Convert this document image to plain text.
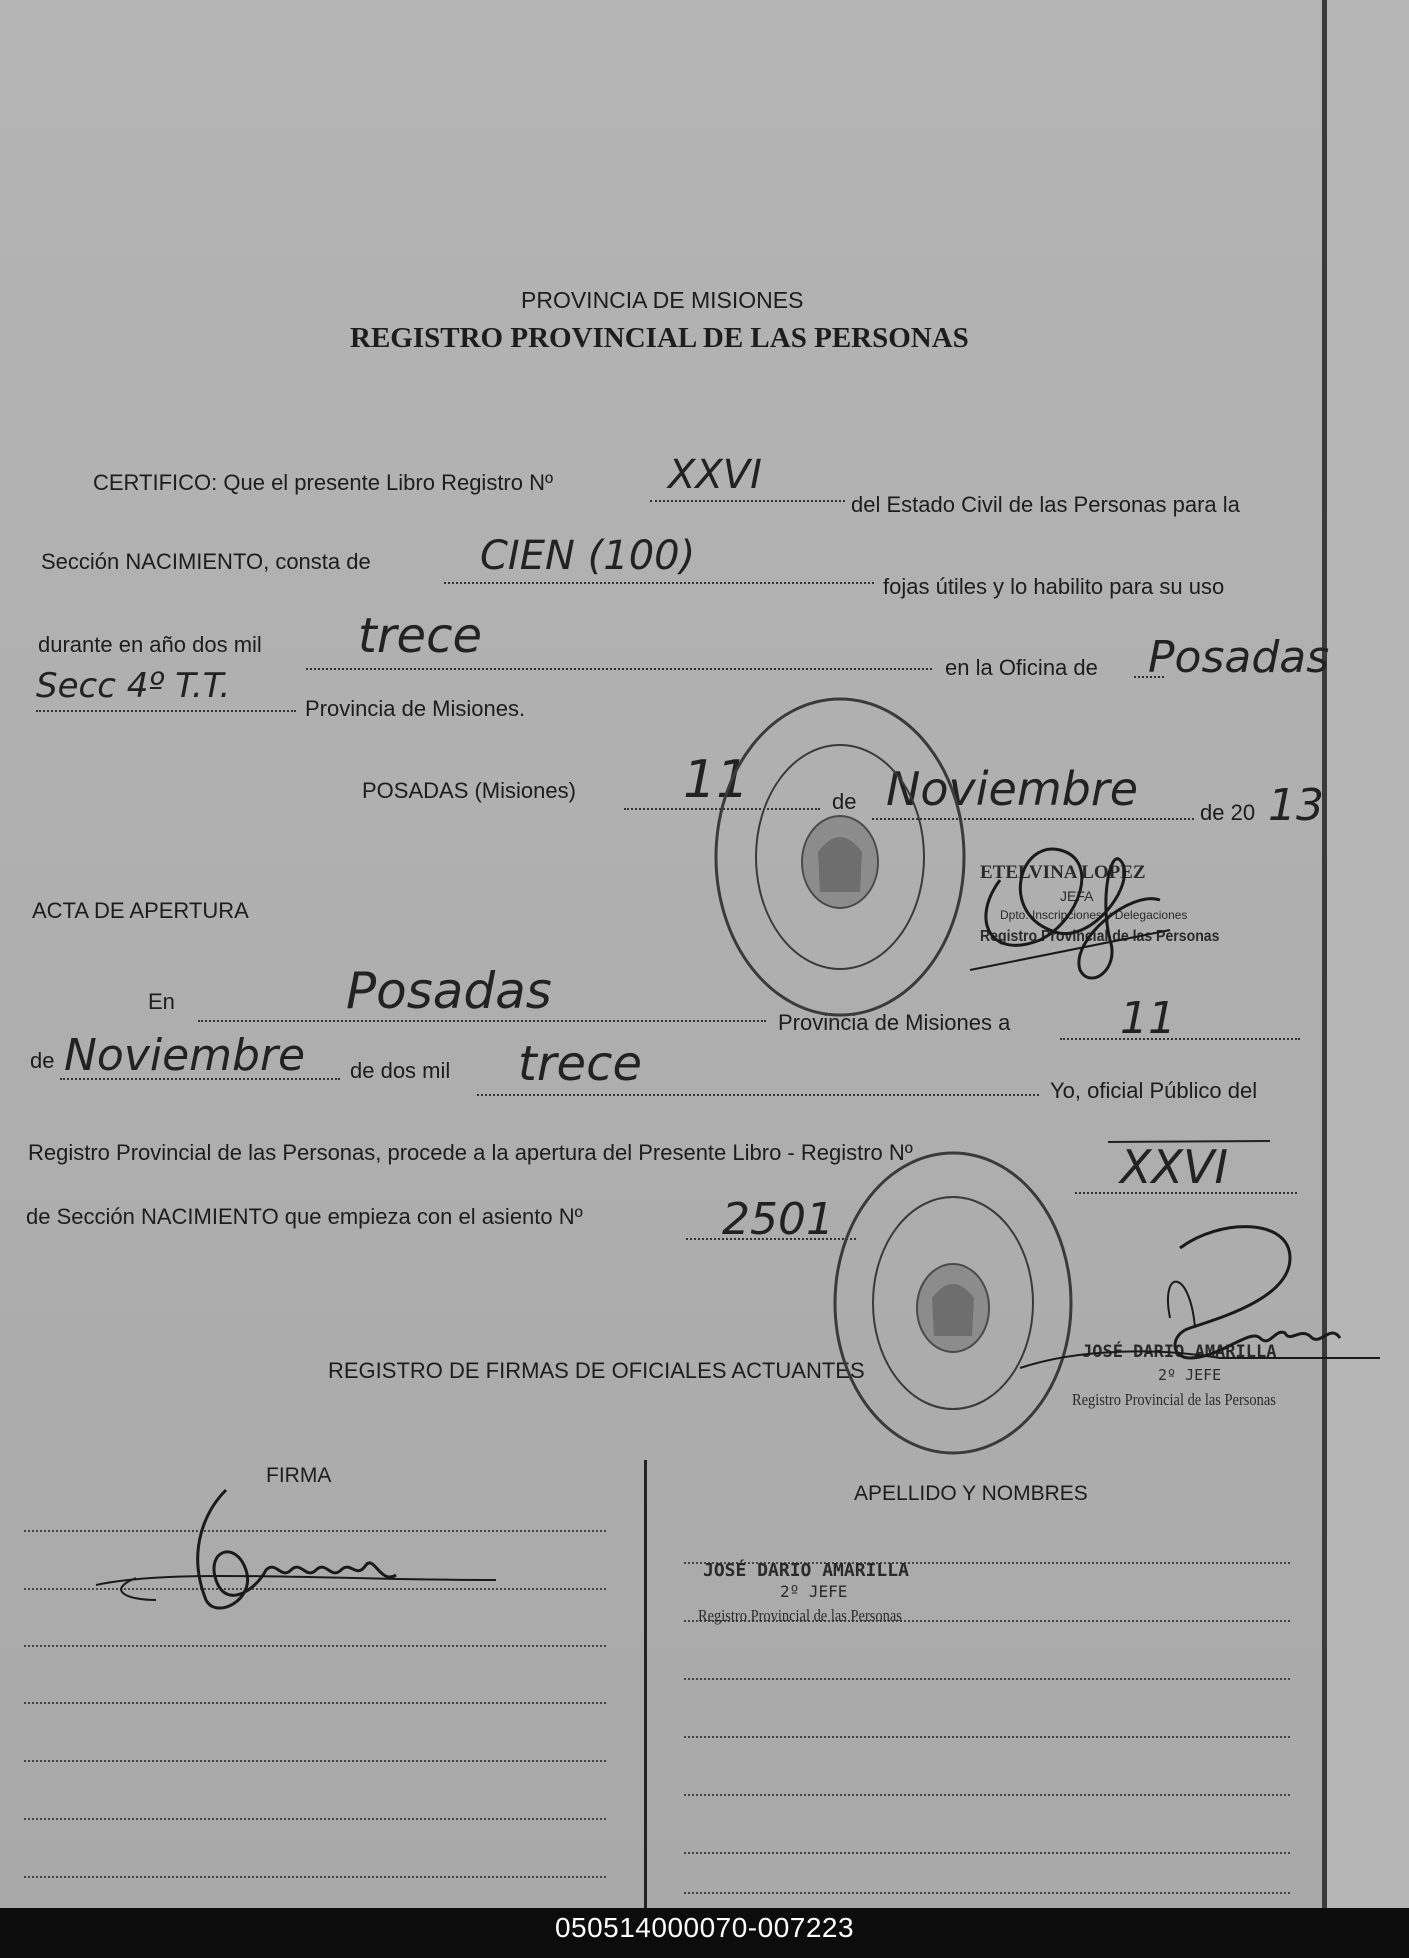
PROVINCIA DE MISIONES
REGISTRO PROVINCIAL DE LAS PERSONAS
CERTIFICO: Que el presente Libro Registro Nº	XXVI
del Estado Civil de las Personas para la
Sección NACIMIENTO, consta de	CIEN (100)
fojas útiles y lo habilito para su uso
durante en año dos mil trece
en la Oficina de Posadas
Secc 4º T.T.
Provincia de Misiones.
POSADAS (Misiones) 11	de Noviembre	de 20 13
ACTA DE APERTURA
En	Posadas
Provincia de Misiones a 11
de Noviembre de dos mil trece	Yo, oficial Público del
Registro Provincial de las Personas, procede a la apertura del Presente Libro - Registro Nº	XXVI
de Sección NACIMIENTO que empieza con el asiento Nº	2501
REGISTRO DE FIRMAS DE OFICIALES ACTUANTES
FIRMA
APELLIDO Y NOMBRES
JOSÉ DARIO AMARILLA
2º JEFE
Registro Provincial de las Personas
ETELVINA LOPEZ
JEFA
Dpto. Inscripciones y Delegaciones
Registro Provincial de las Personas
JOSÉ DARIO AMARILLA
2º JEFE
Registro Provincial de las Personas
050514000070-007223
